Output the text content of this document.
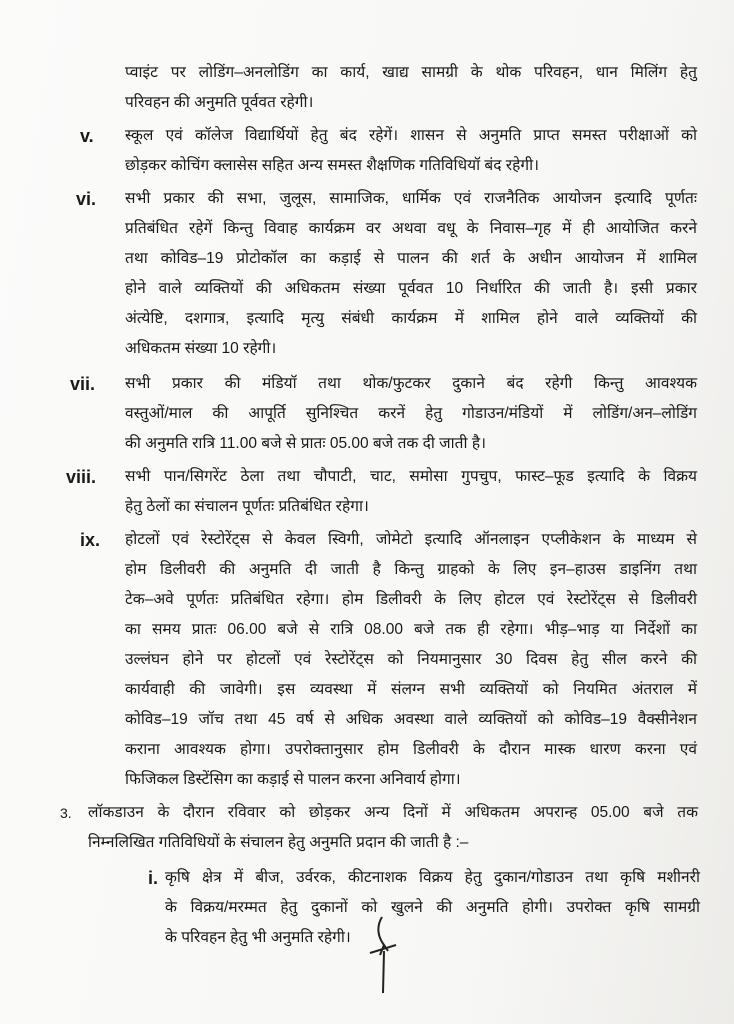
प्वाइंट पर लोडिंग–अनलोडिंग का कार्य, खाद्य सामग्री के थोक परिवहन, धान मिलिंग हेतु
परिवहन की अनुमति पूर्ववत रहेगी।
v. स्कूल एवं कॉलेज विद्यार्थियों हेतु बंद रहेगें। शासन से अनुमति प्राप्त समस्त परीक्षाओं को
छोड़कर कोचिंग क्लासेस सहित अन्य समस्त शैक्षणिक गतिविधियॉ बंद रहेगी।
vi. सभी प्रकार की सभा, जुलूस, सामाजिक, धार्मिक एवं राजनैतिक आयोजन इत्यादि पूर्णतः
प्रतिबंधित रहेगें किन्तु विवाह कार्यक्रम वर अथवा वधू के निवास–गृह में ही आयोजित करने
तथा कोविड–19 प्रोटोकॉल का कड़ाई से पालन की शर्त के अधीन आयोजन में शामिल
होने वाले व्यक्तियों की अधिकतम संख्या पूर्ववत 10 निर्धारित की जाती है। इसी प्रकार
अंत्येष्टि, दशगात्र, इत्यादि मृत्यु संबंधी कार्यक्रम में शामिल होने वाले व्यक्तियों की
अधिकतम संख्या 10 रहेगी।
vii. सभी प्रकार की मंडियॉ तथा थोक/फुटकर दुकाने बंद रहेगी किन्तु आवश्यक
वस्तुओं/माल की आपूर्ति सुनिश्चित करनें हेतु गोडाउन/मंडियों में लोडिंग/अन–लोडिंग
की अनुमति रात्रि 11.00 बजे से प्रातः 05.00 बजे तक दी जाती है।
viii. सभी पान/सिगरेंट ठेला तथा चौपाटी, चाट, समोसा गुपचुप, फास्ट–फूड इत्यादि के विक्रय
हेतु ठेलों का संचालन पूर्णतः प्रतिबंधित रहेगा।
ix. होटलों एवं रेस्टोरेंट्स से केवल स्विगी, जोमेटो इत्यादि ऑनलाइन एप्लीकेशन के माध्यम से
होम डिलीवरी की अनुमति दी जाती है किन्तु ग्राहको के लिए इन–हाउस डाइनिंग तथा
टेक–अवे पूर्णतः प्रतिबंधित रहेगा। होम डिलीवरी के लिए होटल एवं रेस्टोरेंट्स से डिलीवरी
का समय प्रातः 06.00 बजे से रात्रि 08.00 बजे तक ही रहेगा। भीड़–भाड़ या निर्देशों का
उल्लंघन होने पर होटलों एवं रेस्टोरेंट्स को नियमानुसार 30 दिवस हेतु सील करने की
कार्यवाही की जावेगी। इस व्यवस्था में संलग्न सभी व्यक्तियों को नियमित अंतराल में
कोविड–19 जॉच तथा 45 वर्ष से अधिक अवस्था वाले व्यक्तियों को कोविड–19 वैक्सीनेशन
कराना आवश्यक होगा। उपरोक्तानुसार होम डिलीवरी के दौरान मास्क धारण करना एवं
फिजिकल डिस्टेंसिग का कड़ाई से पालन करना अनिवार्य होगा।
3. लॉकडाउन के दौरान रविवार को छोड़कर अन्य दिनों में अधिकतम अपरान्ह 05.00 बजे तक
निम्नलिखित गतिविधियों के संचालन हेतु अनुमति प्रदान की जाती है :–
i. कृषि क्षेत्र में बीज, उर्वरक, कीटनाशक विक्रय हेतु दुकान/गोडाउन तथा कृषि मशीनरी
के विक्रय/मरम्मत हेतु दुकानों को खुलने की अनुमति होगी। उपरोक्त कृषि सामग्री
के परिवहन हेतु भी अनुमति रहेगी।
